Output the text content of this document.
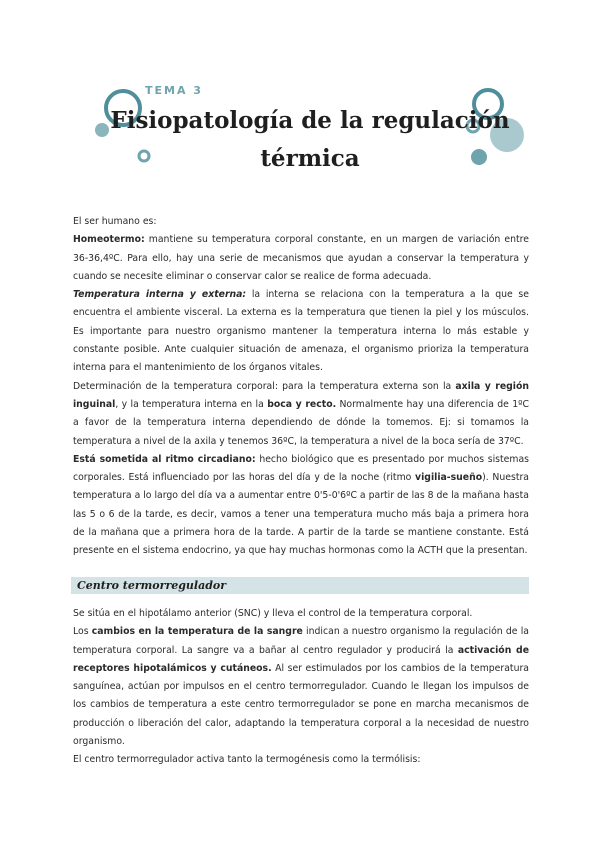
TEMA 3
Fisiopatología de la regulación
térmica

El ser humano es:

Homeotermo: mantiene su temperatura corporal constante, en un margen de variación entre 36-36,4ºC. Para ello, hay una serie de mecanismos que ayudan a conservar la temperatura y cuando se necesite eliminar o conservar calor se realice de forma adecuada.

Temperatura interna y externa: la interna se relaciona con la temperatura a la que se encuentra el ambiente visceral. La externa es la temperatura que tienen la piel y los músculos. Es importante para nuestro organismo mantener la temperatura interna lo más estable y constante posible. Ante cualquier situación de amenaza, el organismo prioriza la temperatura interna para el mantenimiento de los órganos vitales.

Determinación de la temperatura corporal: para la temperatura externa son la axila y región inguinal, y la temperatura interna en la boca y recto. Normalmente hay una diferencia de 1ºC a favor de la temperatura interna dependiendo de dónde la tomemos. Ej: si tomamos la temperatura a nivel de la axila y tenemos 36ºC, la temperatura a nivel de la boca sería de 37ºC.

Está sometida al ritmo circadiano: hecho biológico que es presentado por muchos sistemas corporales. Está influenciado por las horas del día y de la noche (ritmo vigilia-sueño). Nuestra temperatura a lo largo del día va a aumentar entre 0'5-0'6ºC a partir de las 8 de la mañana hasta las 5 o 6 de la tarde, es decir, vamos a tener una temperatura mucho más baja a primera hora de la mañana que a primera hora de la tarde. A partir de la tarde se mantiene constante. Está presente en el sistema endocrino, ya que hay muchas hormonas como la ACTH que la presentan.

Centro termorregulador

Se sitúa en el hipotálamo anterior (SNC) y lleva el control de la temperatura corporal.

Los cambios en la temperatura de la sangre indican a nuestro organismo la regulación de la temperatura corporal. La sangre va a bañar al centro regulador y producirá la activación de receptores hipotalámicos y cutáneos. Al ser estimulados por los cambios de la temperatura sanguínea, actúan por impulsos en el centro termorregulador. Cuando le llegan los impulsos de los cambios de temperatura a este centro termorregulador se pone en marcha mecanismos de producción o liberación del calor, adaptando la temperatura corporal a la necesidad de nuestro organismo.

El centro termorregulador activa tanto la termogénesis como la termólisis:
